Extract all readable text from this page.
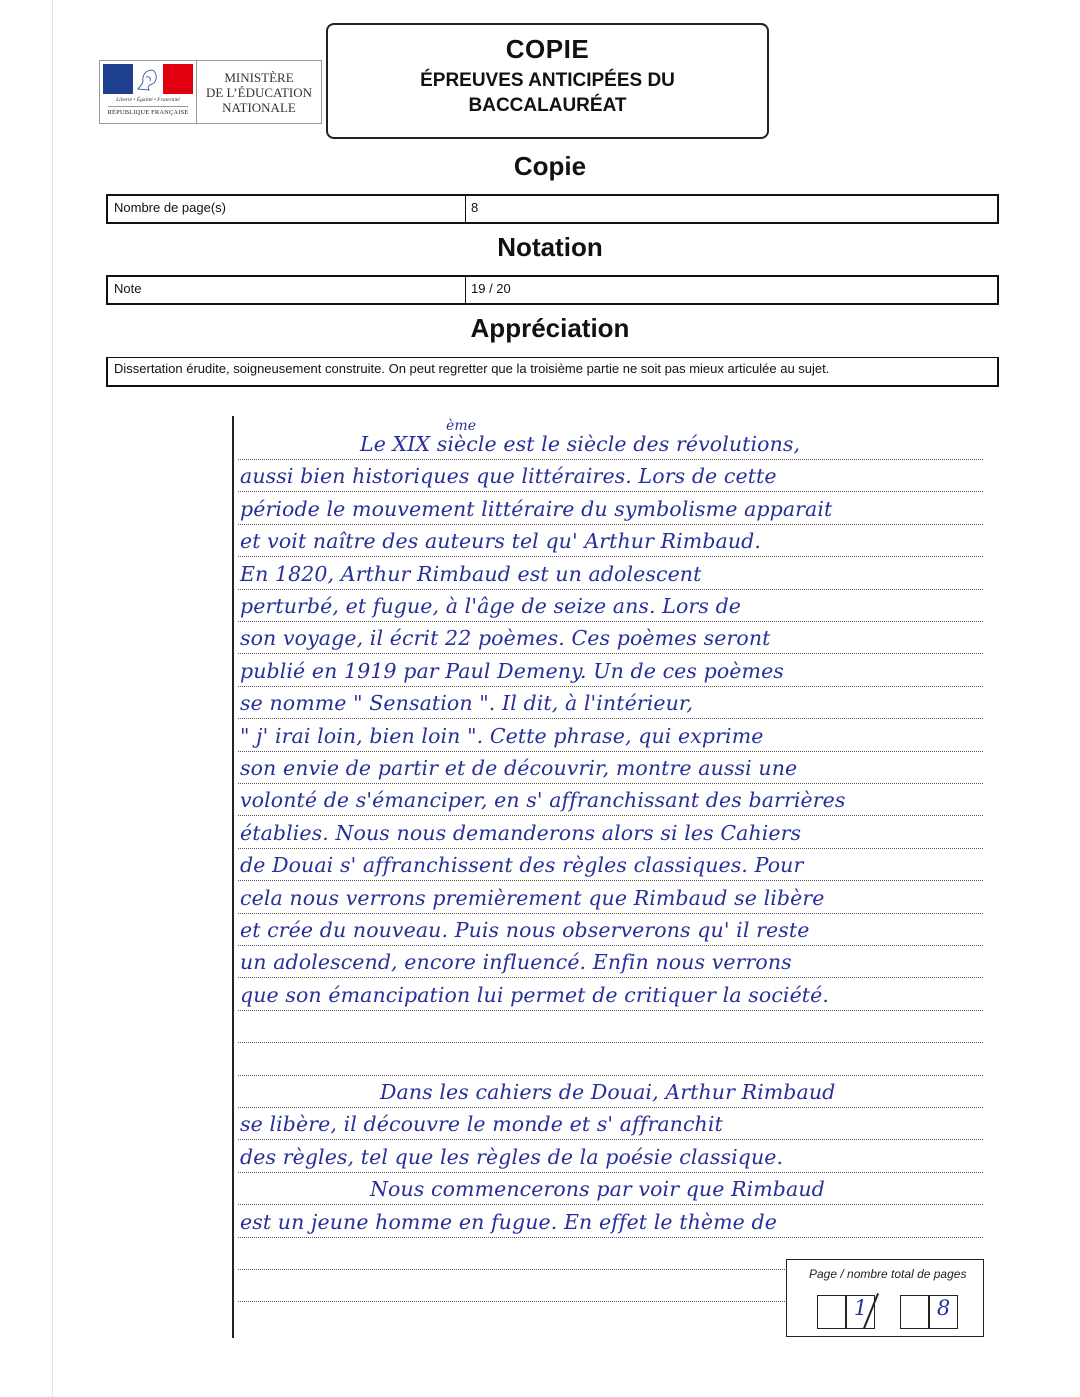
Liberté • Égalité • Fraternité
RÉPUBLIQUE FRANÇAISE
MINISTÈRE
DE L’ÉDUCATION
NATIONALE
COPIE
ÉPREUVES ANTICIPÉES DU
BACCALAURÉAT
Copie
Nombre de page(s)	8
Notation
Note	19 / 20
Appréciation
Dissertation érudite, soigneusement construite. On peut regretter que la troisième partie ne soit pas mieux articulée au sujet.
Le XIX siècle est le siècle des révolutions,
aussi bien historiques que littéraires. Lors de cette
période le mouvement littéraire du symbolisme apparait
et voit naître des auteurs tel qu' Arthur Rimbaud.
En 1820, Arthur Rimbaud est un adolescent
perturbé, et fugue, à l'âge de seize ans. Lors de
son voyage, il écrit 22 poèmes. Ces poèmes seront
publié en 1919 par Paul Demeny. Un de ces poèmes
se nomme " Sensation ". Il dit, à l'intérieur,
" j' irai loin, bien loin ". Cette phrase, qui exprime
son envie de partir et de découvrir, montre aussi une
volonté de s'émanciper, en s' affranchissant des barrières
établies. Nous nous demanderons alors si les Cahiers
de Douai s' affranchissent des règles classiques. Pour
cela nous verrons premièrement que Rimbaud se libère
et crée du nouveau. Puis nous observerons qu' il reste
un adolescend, encore influencé. Enfin nous verrons
que son émancipation lui permet de critiquer la société.
Dans les cahiers de Douai, Arthur Rimbaud
se libère, il découvre le monde et s' affranchit
des règles, tel que les règles de la poésie classique.
Nous commencerons par voir que Rimbaud
est un jeune homme en fugue. En effet le thème de
ème
Page / nombre total de pages
1	8
